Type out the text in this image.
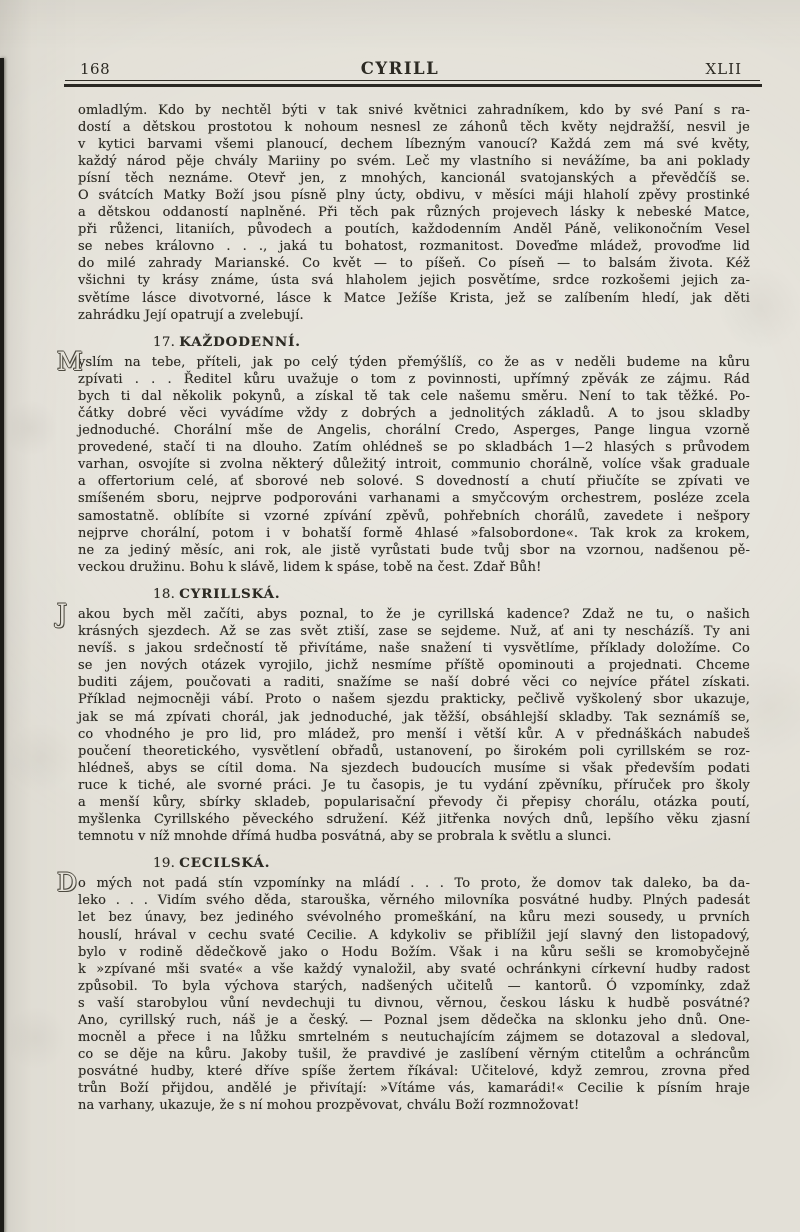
168	CYRILL	XLII
omladlým. Kdo by nechtěl býti v tak snivé květnici zahradníkem, kdo by své Paní s ra-
dostí a dětskou prostotou k nohoum nesnesl ze záhonů těch květy nejdražší, nesvil je
v kytici barvami všemi planoucí, dechem líbezným vanoucí? Každá zem má své květy,
každý národ pěje chvály Mariiny po svém. Leč my vlastního si nevážíme, ba ani poklady
písní těch neznáme. Otevř jen, z mnohých, kancionál svatojanských a převědčíš se.
O svátcích Matky Boží jsou písně plny úcty, obdivu, v měsíci máji hlaholí zpěvy prostinké
a dětskou oddaností naplněné. Při těch pak různých projevech lásky k nebeské Matce,
při růženci, litaniích, původech a poutích, každodenním Anděl Páně, velikonočním Vesel
se nebes královno . . ., jaká tu bohatost, rozmanitost. Doveďme mládež, provoďme lid
do milé zahrady Marianské. Co květ — to píšeň. Co píseň — to balsám života. Kéž
všichni ty krásy známe, ústa svá hlaholem jejich posvětíme, srdce rozkošemi jejich za-
světíme lásce divotvorné, lásce k Matce Ježíše Krista, jež se zalíbením hledí, jak děti
zahrádku Její opatrují a zvelebují.
17. KAŽDODENNÍ.
M
yslím na tebe, příteli, jak po celý týden přemýšlíš, co že as v neděli budeme na kůru
zpívati . . . Ředitel kůru uvažuje o tom z povinnosti, upřímný zpěvák ze zájmu. Rád
bych ti dal několik pokynů, a získal tě tak cele našemu směru. Není to tak těžké. Po-
čátky dobré věci vyvádíme vždy z dobrých a jednolitých základů. A to jsou skladby
jednoduché. Chorální mše de Angelis, chorální Credo, Asperges, Pange lingua vzorně
provedené, stačí ti na dlouho. Zatím ohlédneš se po skladbách 1—2 hlasých s průvodem
varhan, osvojíte si zvolna některý důležitý introit, communio chorálně, volíce však graduale
a offertorium celé, ať sborové neb solové. S dovedností a chutí přiučíte se zpívati ve
smíšeném sboru, nejprve podporováni varhanami a smyčcovým orchestrem, posléze zcela
samostatně. oblíbíte si vzorné zpívání zpěvů, pohřebních chorálů, zavedete i nešpory
nejprve chorální, potom i v bohatší formě 4hlasé »falsobordone«. Tak krok za krokem,
ne za jediný měsíc, ani rok, ale jistě vyrůstati bude tvůj sbor na vzornou, nadšenou pě-
veckou družinu. Bohu k slávě, lidem k spáse, tobě na čest. Zdař Bůh!
18. CYRILLSKÁ.
J akou bych měl začíti, abys poznal, to že je cyrillská kadence? Zdaž ne tu, o našich
krásných sjezdech. Až se zas svět ztiší, zase se sejdeme. Nuž, ať ani ty nescházíš. Ty ani
nevíš. s jakou srdečností tě přivítáme, naše snažení ti vysvětlíme, příklady doložíme. Co
se jen nových otázek vyrojilo, jichž nesmíme příště opominouti a projednati. Chceme
buditi zájem, poučovati a raditi, snažíme se naší dobré věci co nejvíce přátel získati.
Příklad nejmocněji vábí. Proto o našem sjezdu prakticky, pečlivě vyškolený sbor ukazuje,
jak se má zpívati chorál, jak jednoduché, jak těžší, obsáhlejší skladby. Tak seznámíš se,
co vhodného je pro lid, pro mládež, pro menší i větší kůr. A v přednáškách nabudeš
poučení theoretického, vysvětlení obřadů, ustanovení, po širokém poli cyrillském se roz-
hlédneš, abys se cítil doma. Na sjezdech budoucích musíme si však především podati
ruce k tiché, ale svorné práci. Je tu časopis, je tu vydání zpěvníku, příruček pro školy
a menší kůry, sbírky skladeb, popularisační převody či přepisy chorálu, otázka poutí,
myšlenka Cyrillského pěveckého sdružení. Kéž jitřenka nových dnů, lepšího věku zjasní
temnotu v níž mnohde dřímá hudba posvátná, aby se probrala k světlu a slunci.
19. CECILSKÁ.
D o mých not padá stín vzpomínky na mládí . . . To proto, že domov tak daleko, ba da-
leko . . . Vidím svého děda, starouška, věrného milovníka posvátné hudby. Plných padesát
let bez únavy, bez jediného svévolného promeškání, na kůru mezi sousedy, u prvních
houslí, hrával v cechu svaté Cecilie. A kdykoliv se přiblížil její slavný den listopadový,
bylo v rodině dědečkově jako o Hodu Božím. Však i na kůru sešli se kromobyčejně
k »zpívané mši svaté« a vše každý vynaložil, aby svaté ochránkyni církevní hudby radost
způsobil. To byla výchova starých, nadšených učitelů — kantorů. Ó vzpomínky, zdaž
s vaší starobylou vůní nevdechuji tu divnou, věrnou, českou lásku k hudbě posvátné?
Ano, cyrillský ruch, náš je a český. — Poznal jsem dědečka na sklonku jeho dnů. One-
mocněl a přece i na lůžku smrtelném s neutuchajícím zájmem se dotazoval a sledoval,
co se děje na kůru. Jakoby tušil, že pravdivé je zaslíbení věrným ctitelům a ochráncům
posvátné hudby, které dříve spíše žertem říkával: Učitelové, když zemrou, zrovna před
trůn Boží přijdou, andělé je přivítají: »Vítáme vás, kamarádi!« Cecilie k písním hraje
na varhany, ukazuje, že s ní mohou prozpěvovat, chválu Boží rozmnožovat!
